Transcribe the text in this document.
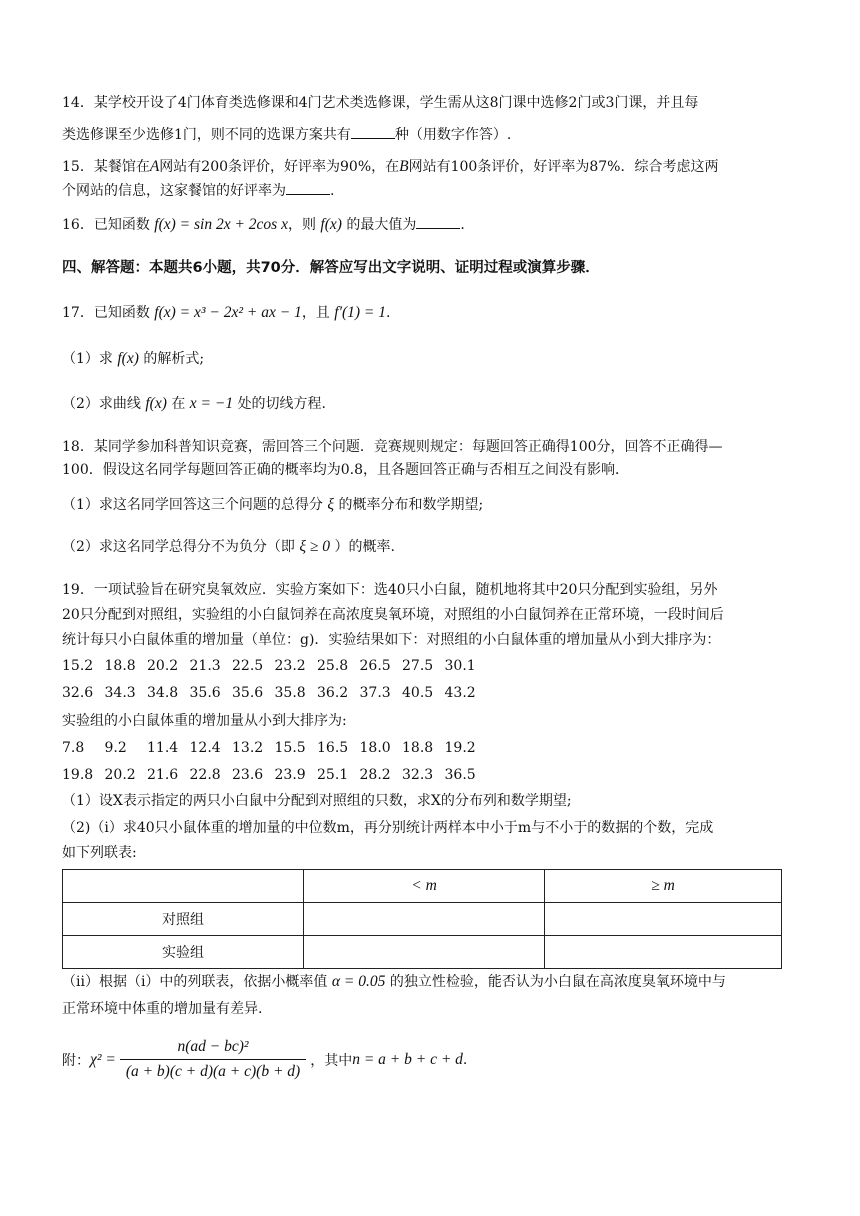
14．某学校开设了4门体育类选修课和4门艺术类选修课，学生需从这8门课中选修2门或3门课，并且每
类选修课至少选修1门，则不同的选课方案共有	种（用数字作答）.
15．某餐馆在A网站有200条评价，好评率为90%，在B网站有100条评价，好评率为87%．综合考虑这两
个网站的信息，这家餐馆的好评率为	.
16．已知函数 f(x) = sin 2x + 2cos x，则 f(x) 的最大值为	.
四、解答题：本题共6小题，共70分．解答应写出文字说明、证明过程或演算步骤．
17．已知函数 f(x) = x³ − 2x² + ax − 1，且 f′(1) = 1.
（1）求 f(x) 的解析式;
（2）求曲线 f(x) 在 x = −1 处的切线方程.
18．某同学参加科普知识竞赛，需回答三个问题．竞赛规则规定：每题回答正确得100分，回答不正确得—
100．假设这名同学每题回答正确的概率均为0.8，且各题回答正确与否相互之间没有影响．
（1）求这名同学回答这三个问题的总得分 ξ 的概率分布和数学期望;
（2）求这名同学总得分不为负分（即 ξ ≥ 0 ）的概率.
19．一项试验旨在研究臭氧效应．实验方案如下：选40只小白鼠，随机地将其中20只分配到实验组，另外
20只分配到对照组，实验组的小白鼠饲养在高浓度臭氧环境，对照组的小白鼠饲养在正常环境，一段时间后
统计每只小白鼠体重的增加量（单位：g)．实验结果如下：对照组的小白鼠体重的增加量从小到大排序为：
15.2 18.8 20.2 21.3 22.5 23.2 25.8 26.5 27.5 30.1
32.6 34.3 34.8 35.6 35.6 35.8 36.2 37.3 40.5 43.2
实验组的小白鼠体重的增加量从小到大排序为:
7.8 9.2 11.4 12.4 13.2 15.5 16.5 18.0 18.8 19.2
19.8 20.2 21.6 22.8 23.6 23.9 25.1 28.2 32.3 36.5
（1）设X表示指定的两只小白鼠中分配到对照组的只数，求X的分布列和数学期望;
（2)（i）求40只小鼠体重的增加量的中位数m，再分别统计两样本中小于m与不小于的数据的个数，完成
如下列联表:
	< m	≥ m
对照组		
实验组		
（ii）根据（i）中的列联表，依据小概率值 α = 0.05 的独立性检验，能否认为小白鼠在高浓度臭氧环境中与
正常环境中体重的增加量有差异.
附： $\chi^2 = \frac{\text{n(ad − bc)²}}{(a + b)(c + d)(a + c)(b + d)}$ ，其中 n = a + b + c + d .
